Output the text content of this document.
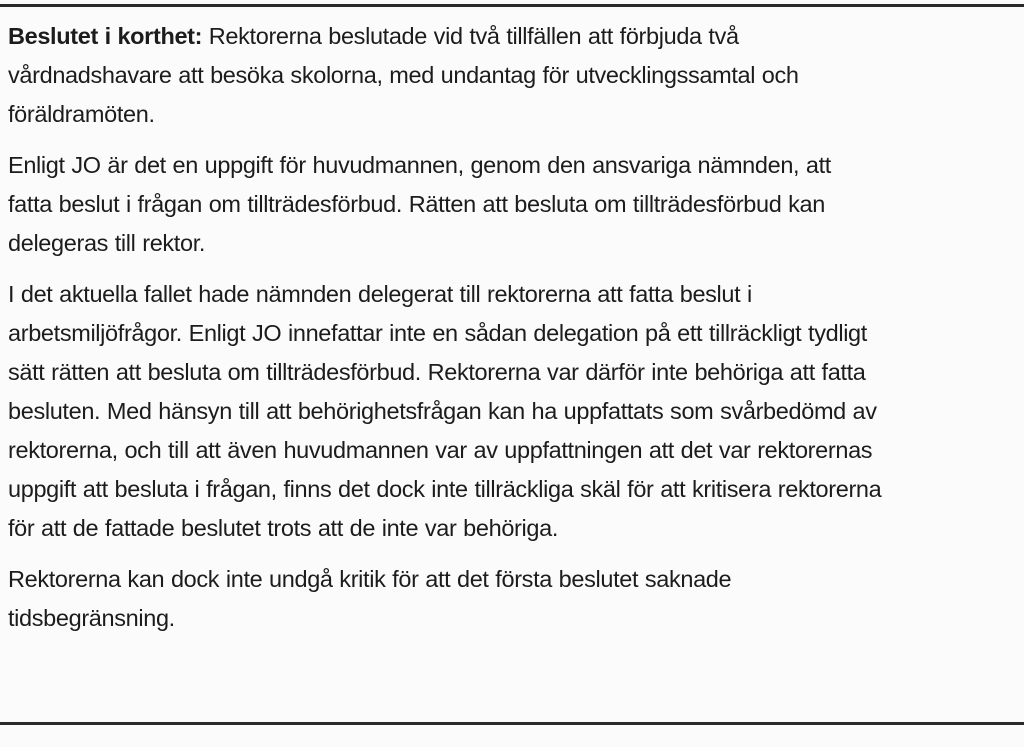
Beslutet i korthet: Rektorerna beslutade vid två tillfällen att förbjuda två
vårdnadshavare att besöka skolorna, med undantag för utvecklingssamtal och
föräldramöten.

Enligt JO är det en uppgift för huvudmannen, genom den ansvariga nämnden, att
fatta beslut i frågan om tillträdesförbud. Rätten att besluta om tillträdesförbud kan
delegeras till rektor.

I det aktuella fallet hade nämnden delegerat till rektorerna att fatta beslut i
arbetsmiljöfrågor. Enligt JO innefattar inte en sådan delegation på ett tillräckligt tydligt
sätt rätten att besluta om tillträdesförbud. Rektorerna var därför inte behöriga att fatta
besluten. Med hänsyn till att behörighetsfrågan kan ha uppfattats som svårbedömd av
rektorerna, och till att även huvudmannen var av uppfattningen att det var rektorernas
uppgift att besluta i frågan, finns det dock inte tillräckliga skäl för att kritisera rektorerna
för att de fattade beslutet trots att de inte var behöriga.

Rektorerna kan dock inte undgå kritik för att det första beslutet saknade
tidsbegränsning.
